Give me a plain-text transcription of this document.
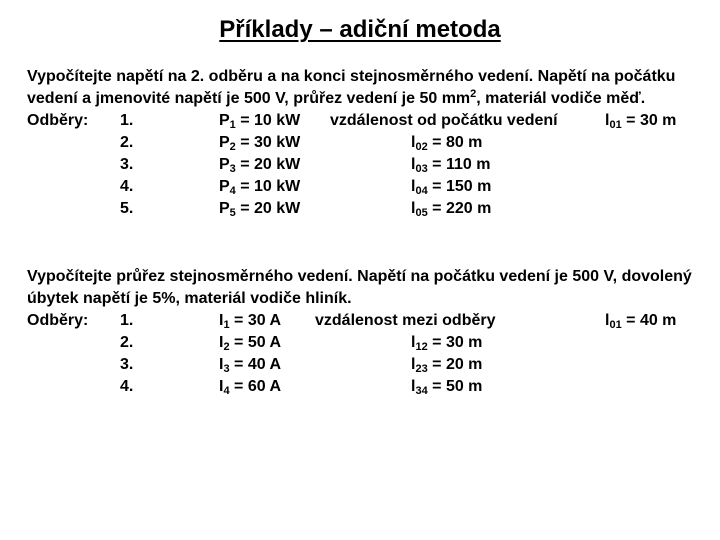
Příklady – adiční metoda

Vypočítejte napětí na 2. odběru a na konci stejnosměrného vedení. Napětí na počátku vedení a jmenovité napětí je 500 V, průřez vedení je 50 $mm^2$, materiál vodiče měď.

Odběry: 1.	$P_1 = 10$ kW vzdálenost od počátku vedení	$l_{01} = 30$ m
2.	$P_2 = 30$ kW	$l_{02} = 80$ m
3.	$P_3 = 20$ kW	$l_{03} = 110$ m
4.	$P_4 = 10$ kW	$l_{04} = 150$ m
5.	$P_5 = 20$ kW	$l_{05} = 220$ m

Vypočítejte průřez stejnosměrného vedení. Napětí na počátku vedení je 500 V, dovolený úbytek napětí je 5%, materiál vodiče hliník.

Odběry: 1.	$I_1 = 30$ A vzdálenost mezi odběry	$l_{01} = 40$ m
2.	$I_2 = 50$ A	$l_{12} = 30$ m
3.	$I_3 = 40$ A	$l_{23} = 20$ m
4.	$I_4 = 60$ A	$l_{34} = 50$ m
